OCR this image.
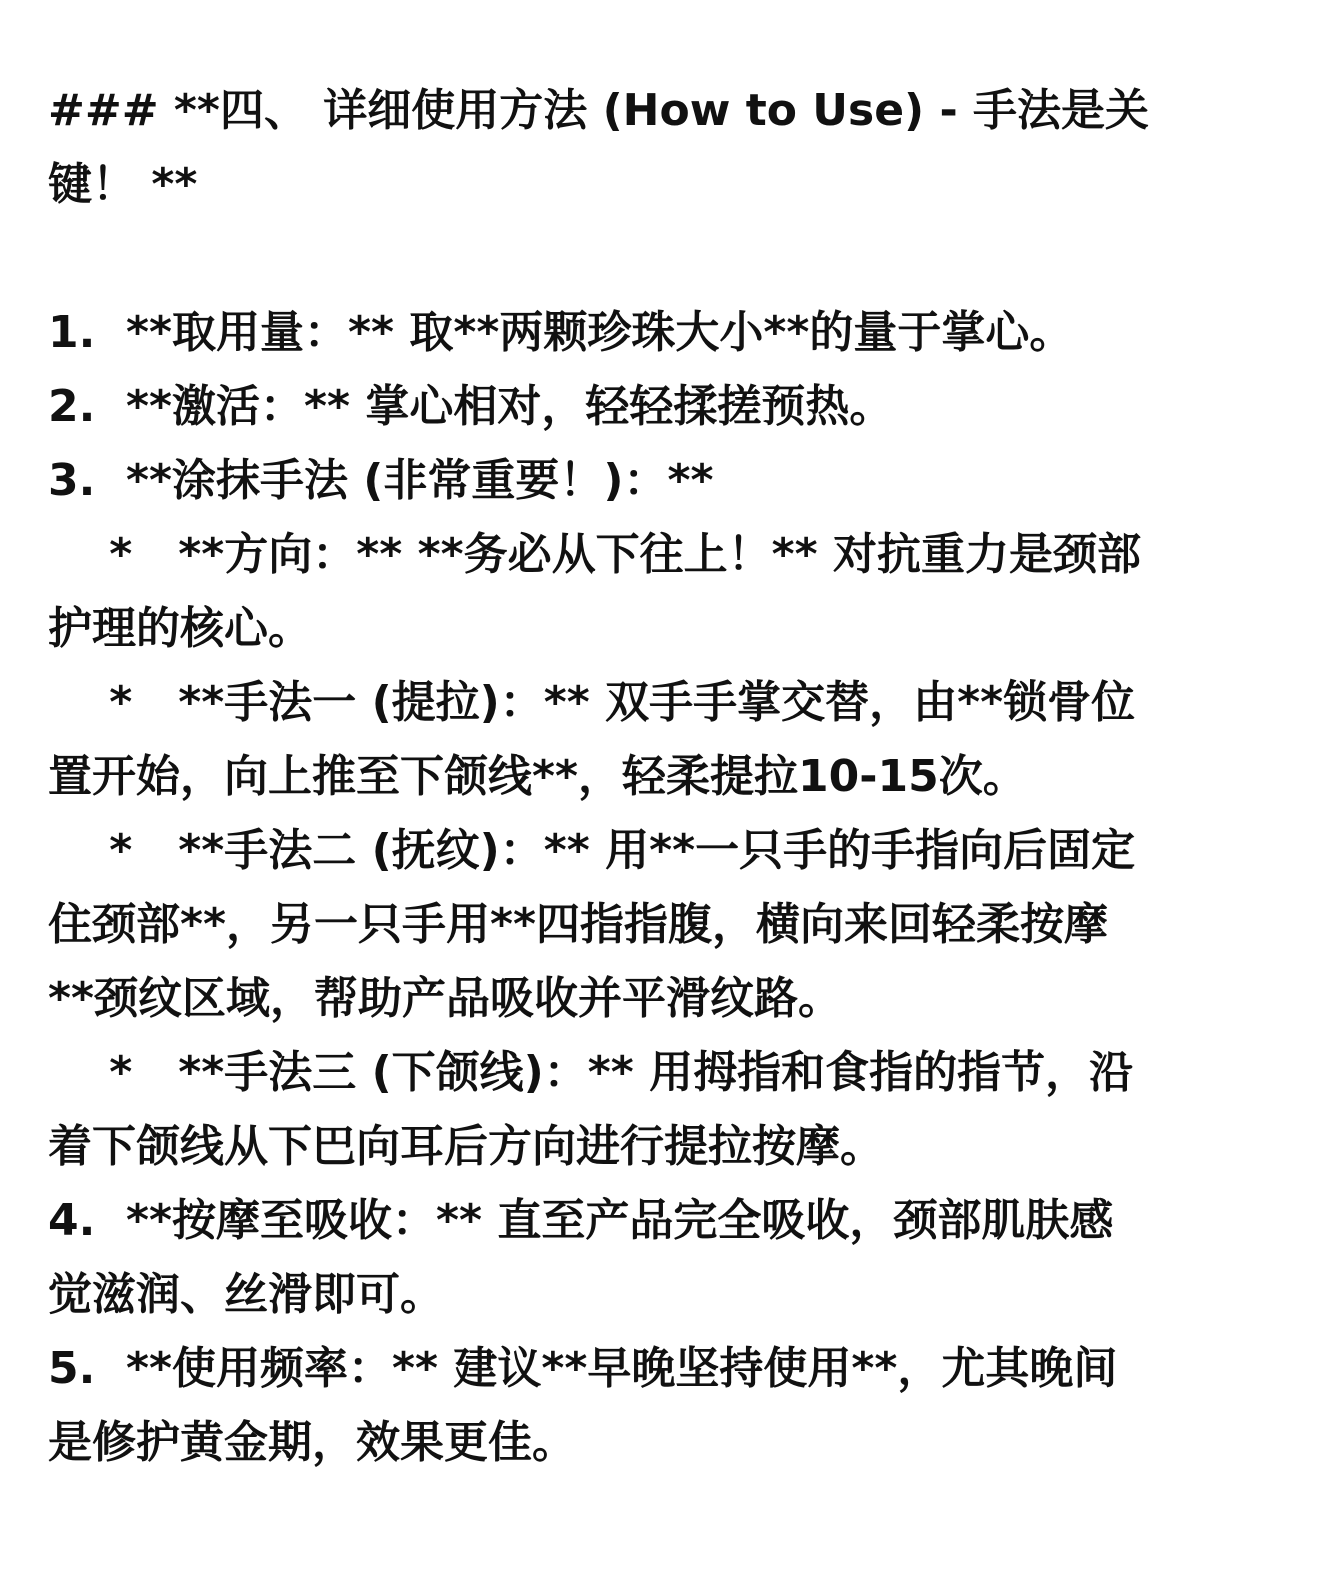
### **四、 详细使用方法 (How to Use) - 手法是关
键！ **
1.  **取用量：** 取**两颗珍珠大小**的量于掌心。
2.  **激活：** 掌心相对，轻轻揉搓预热。
3.  **涂抹手法 (非常重要！)：**
*   **方向：** **务必从下往上！** 对抗重力是颈部
护理的核心。
*   **手法一 (提拉)：** 双手手掌交替，由**锁骨位
置开始，向上推至下颌线**，轻柔提拉10-15次。
*   **手法二 (抚纹)：** 用**一只手的手指向后固定
住颈部**，另一只手用**四指指腹，横向来回轻柔按摩
**颈纹区域，帮助产品吸收并平滑纹路。
*   **手法三 (下颌线)：** 用拇指和食指的指节，沿
着下颌线从下巴向耳后方向进行提拉按摩。
4.  **按摩至吸收：** 直至产品完全吸收，颈部肌肤感
觉滋润、丝滑即可。
5.  **使用频率：** 建议**早晚坚持使用**，尤其晚间
是修护黄金期，效果更佳。
